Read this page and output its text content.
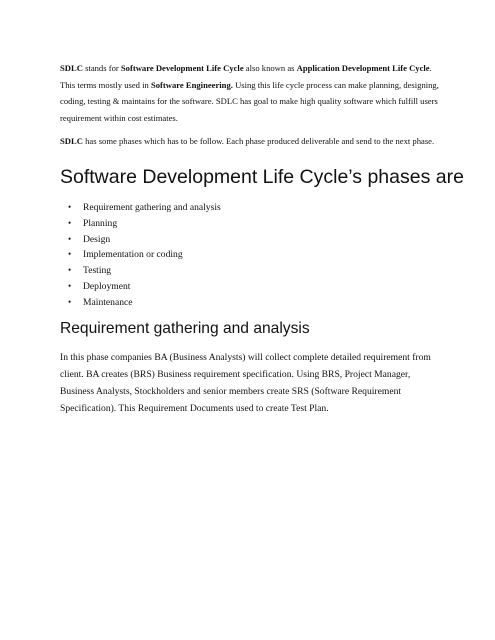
SDLC stands for Software Development Life Cycle also known as Application Development Life Cycle. This terms mostly used in Software Engineering. Using this life cycle process can make planning, designing, coding, testing & maintains for the software. SDLC has goal to make high quality software which fulfill users requirement within cost estimates.

SDLC has some phases which has to be follow. Each phase produced deliverable and send to the next phase.

Software Development Life Cycle’s phases are
• Requirement gathering and analysis
• Planning
• Design
• Implementation or coding
• Testing
• Deployment
• Maintenance
Requirement gathering and analysis

In this phase companies BA (Business Analysts) will collect complete detailed requirement from client. BA creates (BRS) Business requirement specification. Using BRS, Project Manager, Business Analysts, Stockholders and senior members create SRS (Software Requirement Specification). This Requirement Documents used to create Test Plan.
